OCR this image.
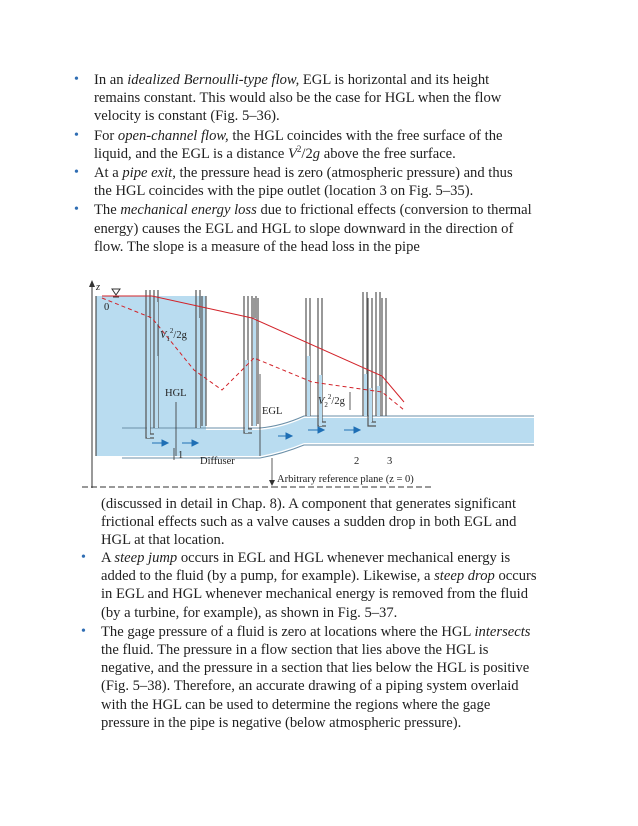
• In an idealized Bernoulli-type flow, EGL is horizontal and its height remains constant. This would also be the case for HGL when the flow velocity is constant (Fig. 5–36).
• For open-channel flow, the HGL coincides with the free surface of the liquid, and the EGL is a distance $V^2/2g$ above the free surface.
• At a pipe exit, the pressure head is zero (atmospheric pressure) and thus the HGL coincides with the pipe outlet (location 3 on Fig. 5–35).
• The mechanical energy loss due to frictional effects (conversion to thermal energy) causes the EGL and HGL to slope downward in the direction of flow. The slope is a measure of the head loss in the pipe
z
0
$V_1^2/2g$
HGL
EGL
$V_2^2/2g$
1
Diffuser	2	3
Arbitrary reference plane (z = 0)

(discussed in detail in Chap. 8). A component that generates significant frictional effects such as a valve causes a sudden drop in both EGL and HGL at that location.

• A steep jump occurs in EGL and HGL whenever mechanical energy is added to the fluid (by a pump, for example). Likewise, a steep drop occurs in EGL and HGL whenever mechanical energy is removed from the fluid (by a turbine, for example), as shown in Fig. 5–37.
• The gage pressure of a fluid is zero at locations where the HGL intersects the fluid. The pressure in a flow section that lies above the HGL is negative, and the pressure in a section that lies below the HGL is positive (Fig. 5–38). Therefore, an accurate drawing of a piping system overlaid with the HGL can be used to determine the regions where the gage pressure in the pipe is negative (below atmospheric pressure).
